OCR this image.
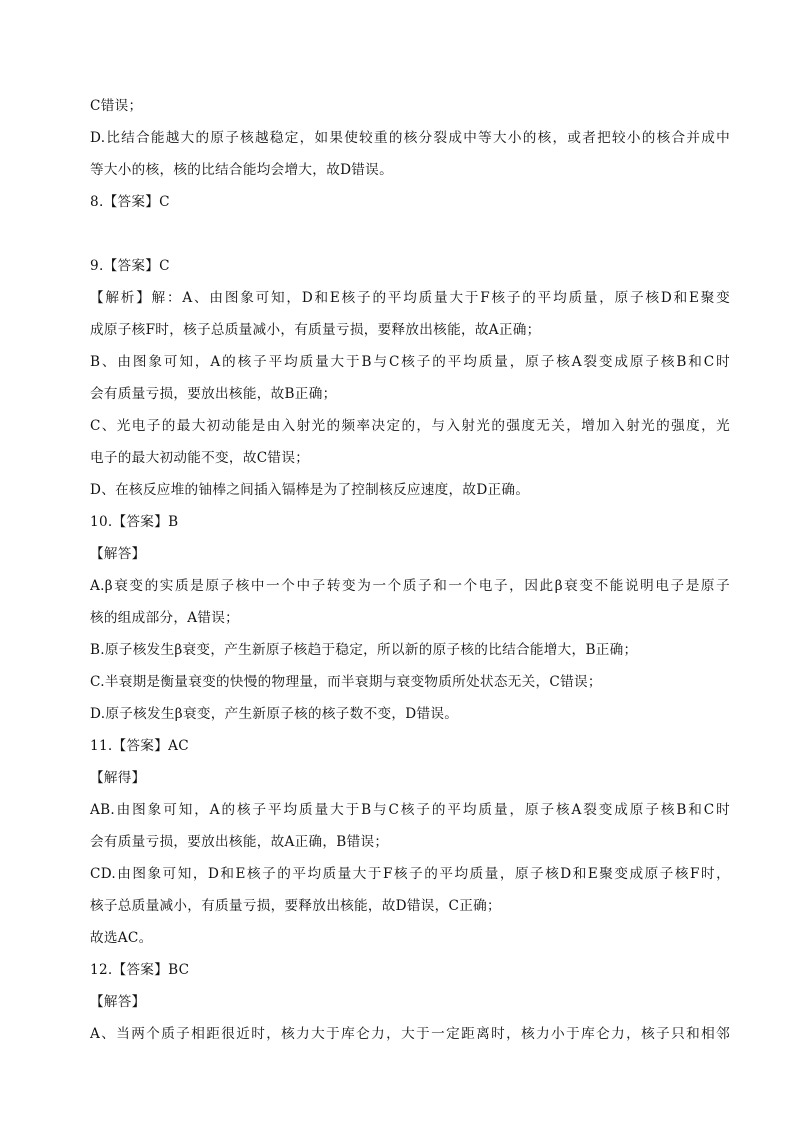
C错误；
D.比结合能越大的原子核越稳定，如果使较重的核分裂成中等大小的核，或者把较小的核合并成中
等大小的核，核的比结合能均会增大，故D错误。
8.【答案】C
9.【答案】C
【解析】解：A、由图象可知，D和E核子的平均质量大于F核子的平均质量，原子核D和E聚变
成原子核F时，核子总质量减小，有质量亏损，要释放出核能，故A正确；
B、由图象可知，A的核子平均质量大于B与C核子的平均质量，原子核A裂变成原子核B和C时
会有质量亏损，要放出核能，故B正确；
C、光电子的最大初动能是由入射光的频率决定的，与入射光的强度无关，增加入射光的强度，光
电子的最大初动能不变，故C错误；
D、在核反应堆的铀棒之间插入镉棒是为了控制核反应速度，故D正确。
10.【答案】B
【解答】
A.β衰变的实质是原子核中一个中子转变为一个质子和一个电子，因此β衰变不能说明电子是原子
核的组成部分，A错误；
B.原子核发生β衰变，产生新原子核趋于稳定，所以新的原子核的比结合能增大，B正确；
C.半衰期是衡量衰变的快慢的物理量，而半衰期与衰变物质所处状态无关，C错误；
D.原子核发生β衰变，产生新原子核的核子数不变，D错误。
11.【答案】AC
【解得】
AB.由图象可知，A的核子平均质量大于B与C核子的平均质量，原子核A裂变成原子核B和C时
会有质量亏损，要放出核能，故A正确，B错误；
CD.由图象可知，D和E核子的平均质量大于F核子的平均质量，原子核D和E聚变成原子核F时，
核子总质量减小，有质量亏损，要释放出核能，故D错误，C正确；
故选AC。
12.【答案】BC
【解答】
A、当两个质子相距很近时，核力大于库仑力，大于一定距离时，核力小于库仑力，核子只和相邻
